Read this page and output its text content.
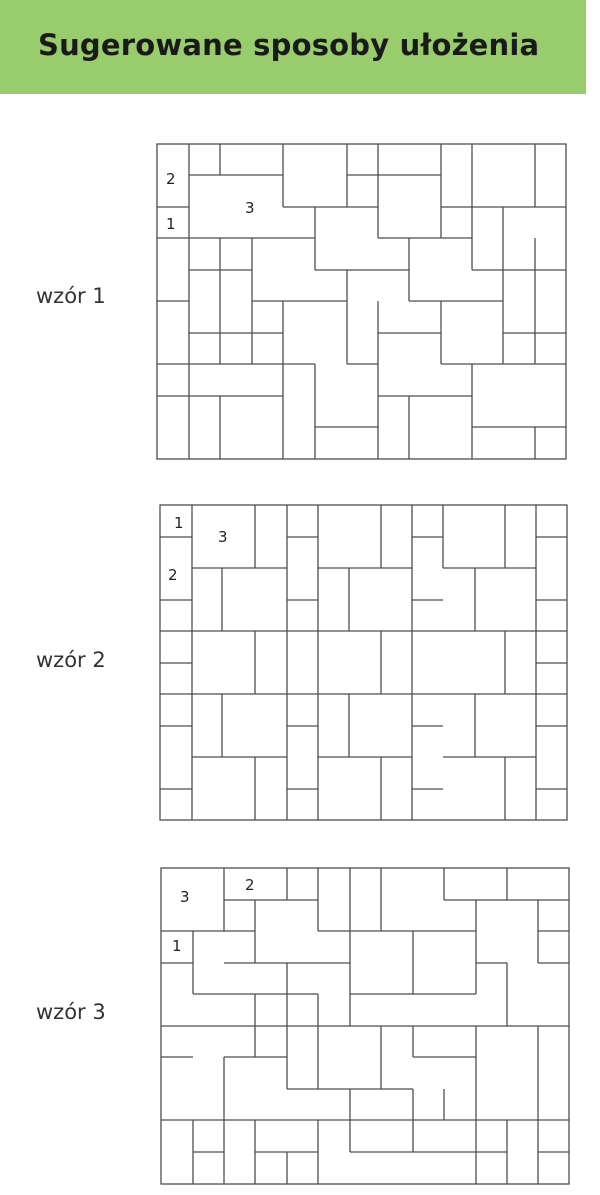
Sugerowane sposoby ułożenia
wzór 1
wzór 2
wzór 3
2
1
3
1
3
2
3
2
1
